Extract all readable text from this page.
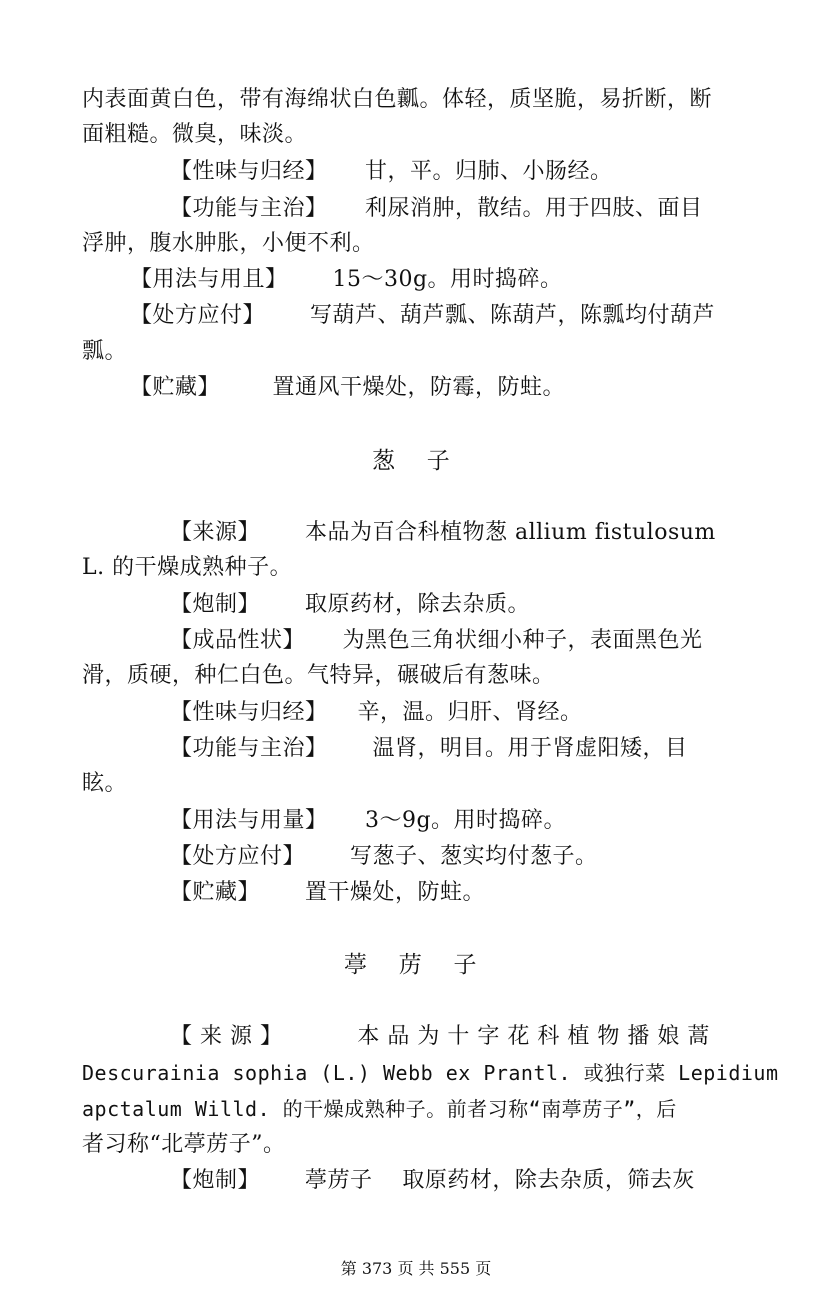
内表面黄白色，带有海绵状白色瓤。体轻，质坚脆，易折断，断
面粗糙。微臭，味淡。
【性味与归经】     甘，平。归肺、小肠经。
【功能与主治】     利尿消肿，散结。用于四肢、面目
浮肿，腹水肿胀，小便不利。
【用法与用且】      15～30g。用时捣碎。
【处方应付】      写葫芦、葫芦瓢、陈葫芦，陈瓢均付葫芦
瓢。
【贮藏】       置通风干燥处，防霉，防蛀。
葱    子
【来源】      本品为百合科植物葱 allium fistulosum
L. 的干燥成熟种子。
【炮制】      取原药材，除去杂质。
【成品性状】     为黑色三角状细小种子，表面黑色光
滑，质硬，种仁白色。气特异，碾破后有葱味。
【性味与归经】    辛，温。归肝、肾经。
【功能与主治】      温肾，明目。用于肾虚阳矮，目
眩。
【用法与用量】     3～9g。用时捣碎。
【处方应付】      写葱子、葱实均付葱子。
【贮藏】      置干燥处，防蛀。
葶    苈    子
【 来 源 】          本 品 为 十 字 花 科 植 物 播 娘 蒿
Descurainia sophia (L.) Webb ex Prantl. 或独行菜 Lepidium
apctalum Willd. 的干燥成熟种子。前者习称“南葶苈子”，后
者习称“北葶苈子”。
【炮制】      葶苈子    取原药材，除去杂质，筛去灰
第 373 页 共 555 页
